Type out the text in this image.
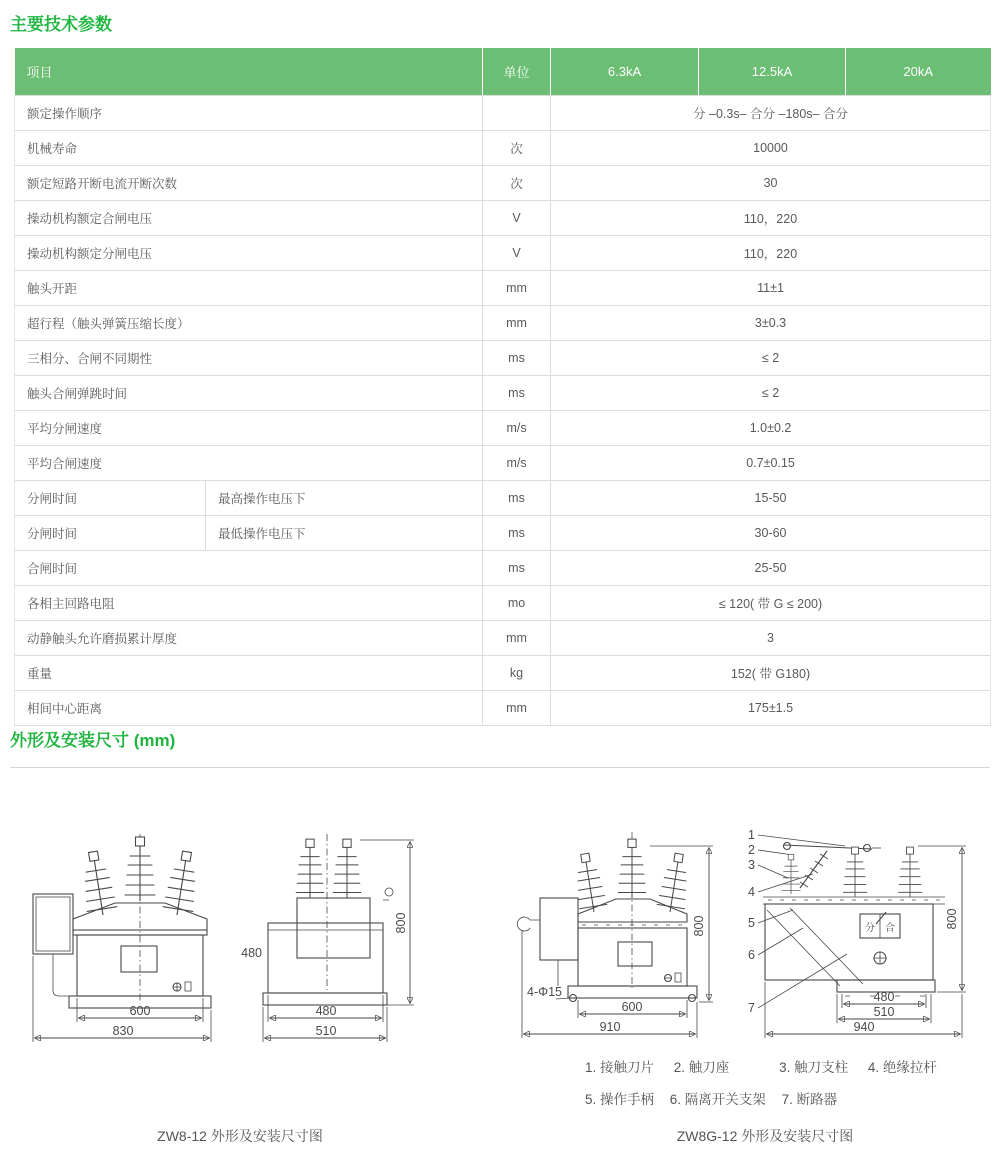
主要技术参数
项目		单位	6.3kA	12.5kA	20kA
额定操作顺序			分 –0.3s– 合分 –180s– 合分		
机械寿命		次	10000		
额定短路开断电流开断次数		次	30		
操动机构额定合闸电压		V	110，220		
操动机构额定分闸电压		V	110，220		
触头开距		mm	11±1		
超行程（触头弹簧压缩长度）		mm	3±0.3		
三相分、合闸不同期性		ms	≤ 2		
触头合闸弹跳时间		ms	≤ 2		
平均分闸速度		m/s	1.0±0.2		
平均合闸速度		m/s	0.7±0.15		
分闸时间	最高操作电压下	ms	15-50		
分闸时间	最低操作电压下	ms	30-60		
合闸时间		ms	25-50		
各相主回路电阻		mo	≤ 120( 带 G ≤ 200)		
动静触头允许磨损累计厚度		mm	3		
重量		kg	152( 带 G180)		
相间中心距离		mm	175±1.5		
外形及安装尺寸 (mm)
600
830
480
800
480
510
4-Φ15
600
910
800
1
2
3
4
5
6
7
分 合
480
510
940
800
1. 接触刀片 2. 触刀座	3. 触刀支柱 4. 绝缘拉杆
5. 操作手柄 6. 隔离开关支架 7. 断路器
ZW8-12 外形及安装尺寸图	ZW8G-12 外形及安装尺寸图
